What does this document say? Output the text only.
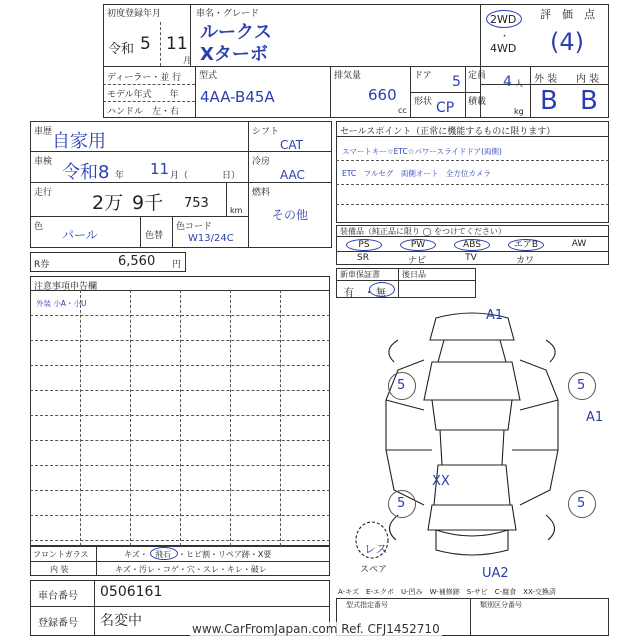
初度登録年月
令和 5 11
月
車名・グレード
ルークス
Xターボ
2WD
・
4WD
評　価　点
(4)
ディーラー・並 行
モデル年式　　年
ハンドル　左・右
型式
4AA-B45A
排気量
660
cc
ドア 5
形状 CP
定員 4 人
積載
kg
外 装 内 装
B B
車歴 自家用
車検 令和8 年 11 月（	日）
走行 2万 9千 753	km
色
パール	色替
色コード
W13/24C
シフト
CAT
冷房
AAC
燃料
その他
R券	6,560 円
セールスポイント（正常に機能するものに限ります）
スマートキー☆ETC☆パワースライドドア(両側)
ETC　フルセグ　両側オート　全方位カメラ
装備品（純正品に限り ◯ をつけてください）
PS	PW	ABS	エアB	AW
SR	ナビ	TV	カワ
新車保証書	後日品
有　・ 無
注意事項申告欄
外装 小A・小U
A1
5	5
A1
XX
5	5
UA2
レス
スペア
フロントガラス	キズ・ 飛石 ・ヒビ割・リペア跡・X要
内 装	キズ・汚レ・コゲ・穴・スレ・キレ・破レ
A-キズ　E-エクボ　U-凹み　W-補修跡　S-サビ　C-腐食　XX-交換済
車台番号 0506161
登録番号 名変中
型式指定番号	類別区分番号
www.CarFromJapan.com Ref. CFJ1452710
